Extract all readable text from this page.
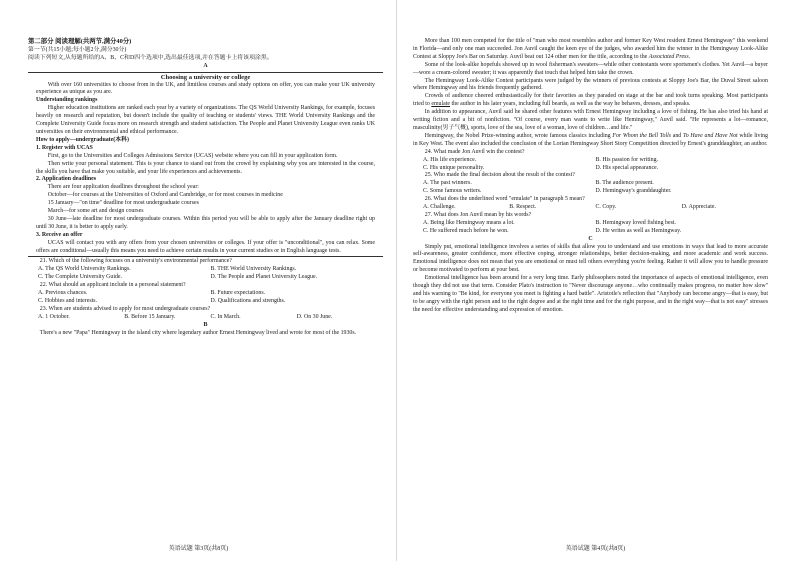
第二部分 阅读理解(共两节,满分40分)

第一节(共15小题;每小题2分,满分30分)

阅读下列短文,从每题所给的A、B、C和D四个选项中,选出最佳选项,并在答题卡上将该项涂黑。

A
Choosing a university or college

With over 160 universities to choose from in the UK, and limitless courses and study options on offer, you can make your UK university experience as unique as you are.

Understanding rankings

Higher education institutions are ranked each year by a variety of organizations. The QS World University Rankings, for example, focuses heavily on research and reputation, but doesn't include the quality of teaching or students' views. THE World University Rankings and the Complete University Guide focus more on research strength and student satisfaction. The People and Planet University League even ranks UK universities on their environmental and ethical performance.

How to apply—undergraduate(本科)

1. Register with UCAS

First, go to the Universities and Colleges Admissions Service (UCAS) website where you can fill in your application form.

Then write your personal statement. This is your chance to stand out from the crowd by explaining why you are interested in the course, the skills you have that make you suitable, and your life experiences and achievements.

2. Application deadlines

There are four application deadlines throughout the school year:

October—for courses at the Universities of Oxford and Cambridge, or for most courses in medicine

15 January—"on time" deadline for most undergraduate courses

March—for some art and design courses

30 June—late deadline for most undergraduate courses. Within this period you will be able to apply after the January deadline right up until 30 June, it is better to apply early.

3. Receive an offer

UCAS will contact you with any offers from your chosen universities or colleges. If your offer is "unconditional", you can relax. Some offers are conditional—usually this means you need to achieve certain results in your current studies or in English language tests.

21. Which of the following focuses on a university's environmental performance?

A. The QS World University Rankings.	B. THE World University Rankings.
C. The Complete University Guide.	D. The People and Planet University League.

22. What should an applicant include in a personal statement?

A. Previous chances.	B. Future expectations.
C. Hobbies and interests.	D. Qualifications and strengths.

23. When are students advised to apply for most undergraduate courses?

A. 1 October.	B. Before 15 January.	C. In March.	D. On 30 June.
B

There's a new "Papa" Hemingway in the island city where legendary author Ernest Hemingway lived and wrote for most of the 1930s.

英语试题 第3页(共8页)

More than 100 men competed for the title of "man who most resembles author and former Key West resident Ernest Hemingway" this weekend in Florida—and only one man succeeded. Jon Auvil caught the keen eye of the judges, who awarded him the winner in the Hemingway Look-Alike Contest at Sloppy Joe's Bar on Saturday. Auvil beat out 124 other men for the title, according to the Associated Press.

Some of the look-alike hopefuls showed up in wool fisherman's sweaters—while other contestants wore sportsmen's clothes. Yet Auvil—a buyer—wore a cream-colored sweater; it was apparently that touch that helped him take the crown.

The Hemingway Look-Alike Contest participants were judged by the winners of previous contests at Sloppy Joe's Bar, the Duval Street saloon where Hemingway and his friends frequently gathered.

Crowds of audience cheered enthusiastically for their favorites as they paraded on stage at the bar and took turns speaking. Most participants tried to emulate the author in his later years, including full beards, as well as the way he behaves, dresses, and speaks.

In addition to appearance, Auvil said he shared other features with Ernest Hemingway including a love of fishing. He has also tried his hand at writing fiction and a bit of nonfiction. "Of course, every man wants to write like Hemingway," Auvil said. "He represents a lot—romance, masculinity(男子气概), sports, love of the sea, love of a woman, love of children…and life."

Hemingway, the Nobel Prize-winning author, wrote famous classics including For Whom the Bell Tolls and To Have and Have Not while living in Key West. The event also included the conclusion of the Lorian Hemingway Short Story Competition directed by Ernest's granddaughter, an author.

24. What made Jon Auvil win the contest?

A. His life experience.	B. His passion for writing.
C. His unique personality.	D. His special appearance.

25. Who made the final decision about the result of the contest?

A. The past winners.	B. The audience present.
C. Some famous writers.	D. Hemingway's granddaughter.

26. What does the underlined word "emulate" in paragraph 5 mean?

A. Challenge.	B. Respect.	C. Copy.	D. Appreciate.

27. What does Jon Auvil mean by his words?

A. Being like Hemingway means a lot.	B. Hemingway loved fishing best.
C. He suffered much before he won.	D. He writes as well as Hemingway.
C

Simply put, emotional intelligence involves a series of skills that allow you to understand and use emotions in ways that lead to more accurate self-awareness, greater confidence, more effective coping, stronger relationships, better decision-making, and more academic and work success. Emotional intelligence does not mean that you are emotional or must tell others everything you're feeling. Rather it will allow you to handle pressure or become motivated to perform at your best.

Emotional intelligence has been around for a very long time. Early philosophers noted the importance of aspects of emotional intelligence, even though they did not use that term. Consider Plato's instruction to "Never discourage anyone…who continually makes progress, no matter how slow" and his warning to "Be kind, for everyone you meet is fighting a hard battle". Aristotle's reflection that "Anybody can become angry—that is easy, but to be angry with the right person and to the right degree and at the right time and for the right purpose, and in the right way—that is not easy" stresses the need for effective understanding and expression of emotion.

英语试题 第4页(共8页)
